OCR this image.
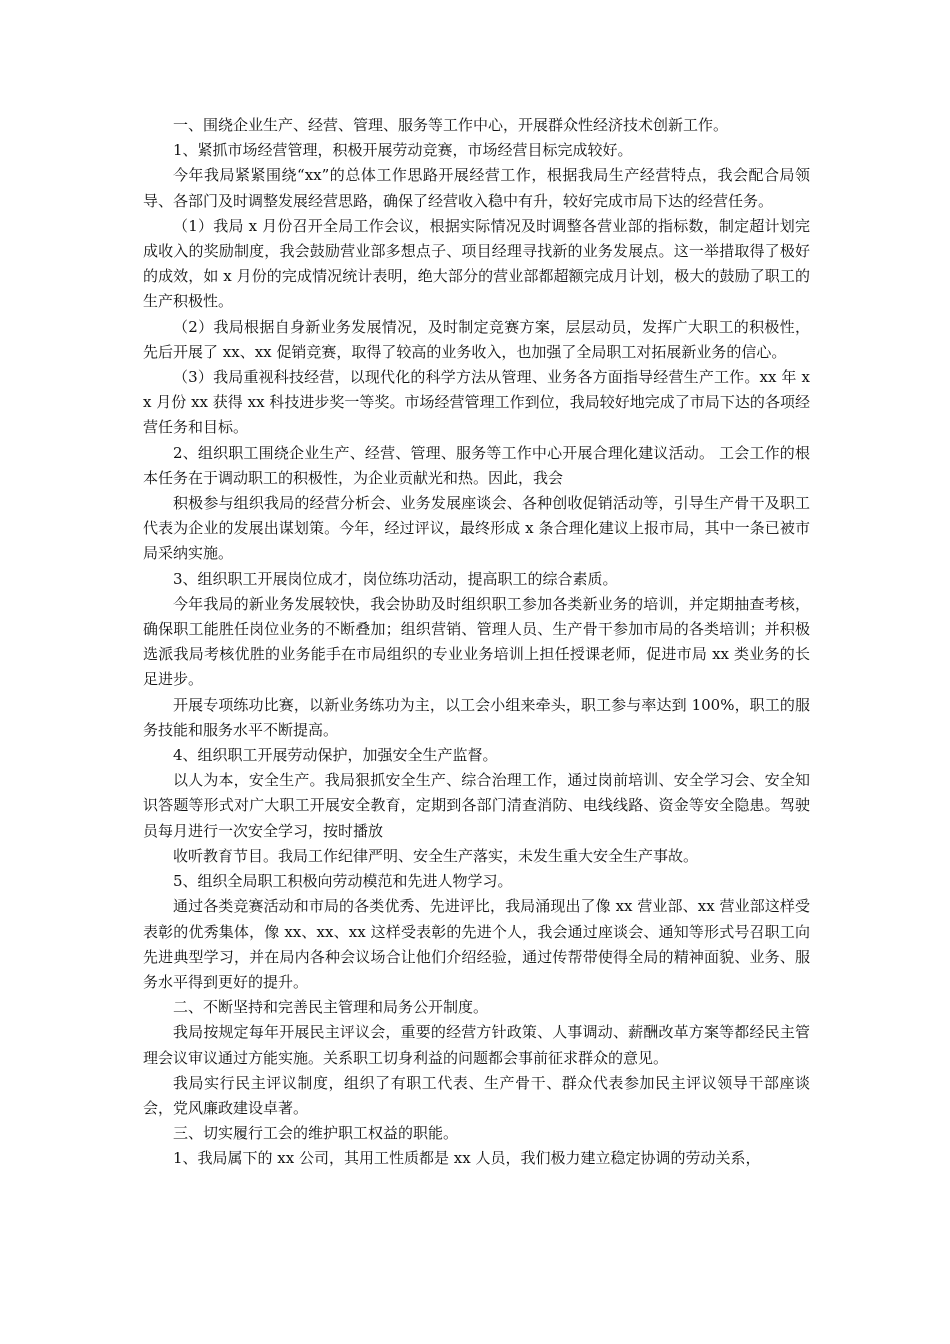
一、围绕企业生产、经营、管理、服务等工作中心，开展群众性经济技术创新工作。

1、紧抓市场经营管理，积极开展劳动竞赛，市场经营目标完成较好。

今年我局紧紧围绕“xx”的总体工作思路开展经营工作，根据我局生产经营特点，我会配合局领导、各部门及时调整发展经营思路，确保了经营收入稳中有升，较好完成市局下达的经营任务。

（1）我局 x 月份召开全局工作会议，根据实际情况及时调整各营业部的指标数，制定超计划完成收入的奖励制度，我会鼓励营业部多想点子、项目经理寻找新的业务发展点。这一举措取得了极好的成效，如 x 月份的完成情况统计表明，绝大部分的营业部都超额完成月计划，极大的鼓励了职工的生产积极性。

（2）我局根据自身新业务发展情况，及时制定竞赛方案，层层动员，发挥广大职工的积极性，先后开展了 xx、xx 促销竞赛，取得了较高的业务收入，也加强了全局职工对拓展新业务的信心。

（3）我局重视科技经营，以现代化的科学方法从管理、业务各方面指导经营生产工作。xx 年 xx 月份 xx 获得 xx 科技进步奖一等奖。市场经营管理工作到位，我局较好地完成了市局下达的各项经营任务和目标。

2、组织职工围绕企业生产、经营、管理、服务等工作中心开展合理化建议活动。 工会工作的根本任务在于调动职工的积极性，为企业贡献光和热。因此，我会

积极参与组织我局的经营分析会、业务发展座谈会、各种创收促销活动等，引导生产骨干及职工代表为企业的发展出谋划策。今年，经过评议，最终形成 x 条合理化建议上报市局，其中一条已被市局采纳实施。

3、组织职工开展岗位成才，岗位练功活动，提高职工的综合素质。

今年我局的新业务发展较快，我会协助及时组织职工参加各类新业务的培训，并定期抽查考核，确保职工能胜任岗位业务的不断叠加；组织营销、管理人员、生产骨干参加市局的各类培训；并积极选派我局考核优胜的业务能手在市局组织的专业业务培训上担任授课老师，促进市局 xx 类业务的长足进步。

开展专项练功比赛，以新业务练功为主，以工会小组来牵头，职工参与率达到 100%，职工的服务技能和服务水平不断提高。

4、组织职工开展劳动保护，加强安全生产监督。

以人为本，安全生产。我局狠抓安全生产、综合治理工作，通过岗前培训、安全学习会、安全知识答题等形式对广大职工开展安全教育，定期到各部门清查消防、电线线路、资金等安全隐患。驾驶员每月进行一次安全学习，按时播放

收听教育节目。我局工作纪律严明、安全生产落实，未发生重大安全生产事故。

5、组织全局职工积极向劳动模范和先进人物学习。

通过各类竞赛活动和市局的各类优秀、先进评比，我局涌现出了像 xx 营业部、xx 营业部这样受表彰的优秀集体，像 xx、xx、xx 这样受表彰的先进个人，我会通过座谈会、通知等形式号召职工向先进典型学习，并在局内各种会议场合让他们介绍经验，通过传帮带使得全局的精神面貌、业务、服务水平得到更好的提升。

二、不断坚持和完善民主管理和局务公开制度。

我局按规定每年开展民主评议会，重要的经营方针政策、人事调动、薪酬改革方案等都经民主管理会议审议通过方能实施。关系职工切身利益的问题都会事前征求群众的意见。

我局实行民主评议制度，组织了有职工代表、生产骨干、群众代表参加民主评议领导干部座谈会，党风廉政建设卓著。

三、切实履行工会的维护职工权益的职能。

1、我局属下的 xx 公司，其用工性质都是 xx 人员，我们极力建立稳定协调的劳动关系，
